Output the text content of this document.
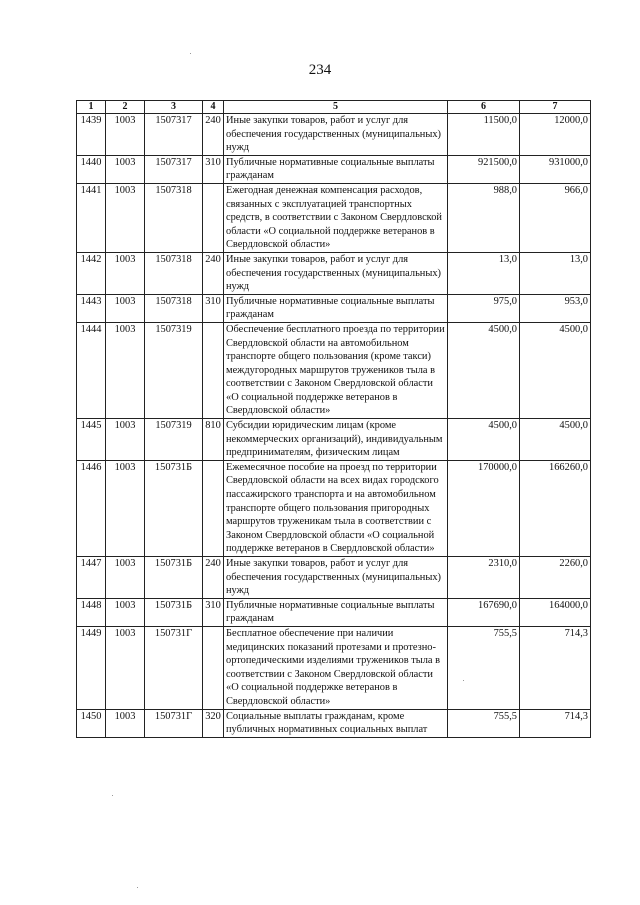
234
1	2	3	4	5	6	7
1439	1003	1507317	240	Иные закупки товаров, работ и услуг для обеспечения государственных (муниципальных) нужд	11500,0	12000,0
1440	1003	1507317	310	Публичные нормативные социальные выплаты гражданам	921500,0	931000,0
1441	1003	1507318		Ежегодная денежная компенсация расходов, связанных с эксплуатацией транспортных средств, в соответствии с Законом Свердловской области «О социальной поддержке ветеранов в Свердловской области»	988,0	966,0
1442	1003	1507318	240	Иные закупки товаров, работ и услуг для обеспечения государственных (муниципальных) нужд	13,0	13,0
1443	1003	1507318	310	Публичные нормативные социальные выплаты гражданам	975,0	953,0
1444	1003	1507319		Обеспечение бесплатного проезда по территории Свердловской области на автомобильном транспорте общего пользования (кроме такси) междугородных маршрутов тружеников тыла в соответствии с Законом Свердловской области «О социальной поддержке ветеранов в Свердловской области»	4500,0	4500,0
1445	1003	1507319	810	Субсидии юридическим лицам (кроме некоммерческих организаций), индивидуальным предпринимателям, физическим лицам	4500,0	4500,0
1446	1003	150731Б		Ежемесячное пособие на проезд по территории Свердловской области на всех видах городского пассажирского транспорта и на автомобильном транспорте общего пользования пригородных маршрутов труженикам тыла в соответствии с Законом Свердловской области «О социальной поддержке ветеранов в Свердловской области»	170000,0	166260,0
1447	1003	150731Б	240	Иные закупки товаров, работ и услуг для обеспечения государственных (муниципальных) нужд	2310,0	2260,0
1448	1003	150731Б	310	Публичные нормативные социальные выплаты гражданам	167690,0	164000,0
1449	1003	150731Г		Бесплатное обеспечение при наличии медицинских показаний протезами и протезно-ортопедическими изделиями тружеников тыла в соответствии с Законом Свердловской области «О социальной поддержке ветеранов в Свердловской области»	755,5	714,3
1450	1003	150731Г	320	Социальные выплаты гражданам, кроме публичных нормативных социальных выплат	755,5	714,3
